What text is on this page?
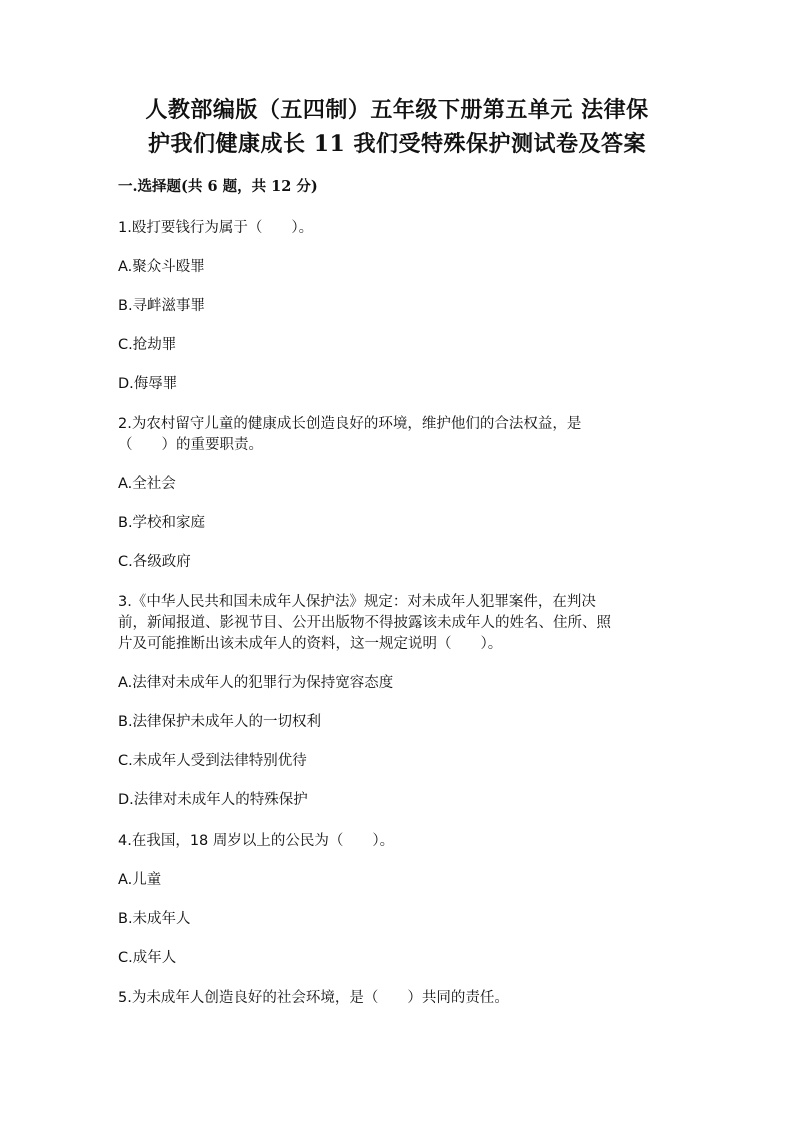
人教部编版（五四制）五年级下册第五单元 法律保
护我们健康成长 11 我们受特殊保护测试卷及答案
一.选择题(共 6 题，共 12 分)
1.殴打要钱行为属于（　　）。
A.聚众斗殴罪
B.寻衅滋事罪
C.抢劫罪
D.侮辱罪
2.为农村留守儿童的健康成长创造良好的环境，维护他们的合法权益，是
（　　）的重要职责。
A.全社会
B.学校和家庭
C.各级政府
3.《中华人民共和国未成年人保护法》规定：对未成年人犯罪案件，在判决
前，新闻报道、影视节目、公开出版物不得披露该未成年人的姓名、住所、照
片及可能推断出该未成年人的资料，这一规定说明（　　）。
A.法律对未成年人的犯罪行为保持宽容态度
B.法律保护未成年人的一切权利
C.未成年人受到法律特别优待
D.法律对未成年人的特殊保护
4.在我国，18 周岁以上的公民为（　　）。
A.儿童
B.未成年人
C.成年人
5.为未成年人创造良好的社会环境，是（　　）共同的责任。
